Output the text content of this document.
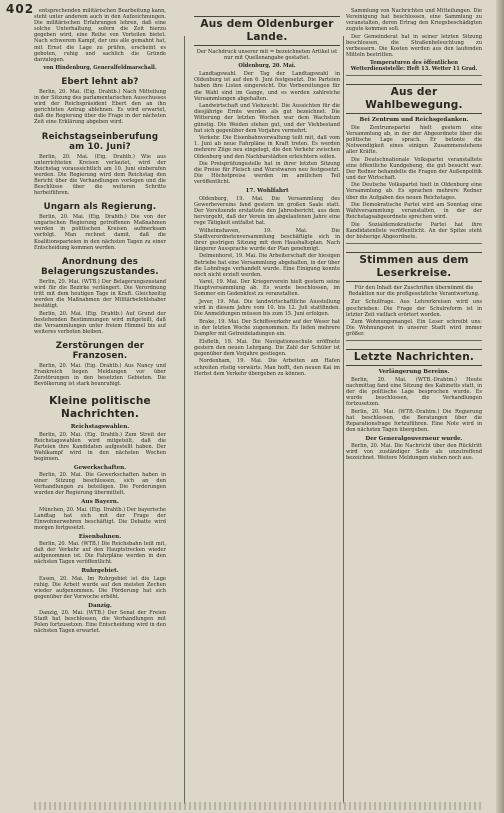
402 entsprechenden militärischen Bearbeitung kann, steht unter anderem auch in den Aufzeichnungen. Die militärischen Erfahrungen lehren, daß eine solche Unterhaltung, sofern die Zeit hierzu gegeben wird, eine Reihe von Vorteilen bietet. Nach schwerem Kampf, der uns alle gemahnt hat, mit Ernst die Lage zu prüfen, erscheint es geboten, ruhig und sachlich die Gründe darzulegen.

von Hindenburg, Generalfeldmarschall.

Ebert lehnt ab?

Berlin, 20. Mai. (Eig. Drahtb.) Nach Mitteilung in der Sitzung des parlamentarischen Ausschusses wird der Reichspräsident Ebert den an ihn gerichteten Antrag ablehnen. Es wird erwartet, daß die Regierung über die Frage in der nächsten Zeit eine Erklärung abgeben wird.

Reichstagseinberufung am 10. Juni?

Berlin, 20. Mai. (Eig. Drahtb.) Wie aus unterrichteten Kreisen verlautet, wird der Reichstag voraussichtlich am 10. Juni einberufen werden. Die Regierung wird dem Reichstag den Bericht über die Verhandlungen vorlegen und die Beschlüsse über die weiteren Schritte herbeiführen.

Ungarn als Regierung.

Berlin, 20. Mai. (Eig. Drahtb.) Die von der ungarischen Regierung getroffenen Maßnahmen werden in politischen Kreisen aufmerksam verfolgt. Man rechnet damit, daß die Koalitionsparteien in den nächsten Tagen zu einer Entscheidung kommen werden.

Anordnung des Belagerungszustandes.

Berlin, 20. Mai. (WTB.) Der Belagerungszustand wird für die Bezirke verlängert. Die Verordnung tritt mit dem heutigen Tage in Kraft. Gleichzeitig werden die Maßnahmen der Militärbefehlshaber bestätigt.

Berlin, 20. Mai. (Eig. Drahtb.) Auf Grund der bestehenden Bestimmungen wird mitgeteilt, daß die Versammlungen unter freiem Himmel bis auf weiteres verboten bleiben.

Zerstörungen der Franzosen.

Berlin, 20. Mai. (Eig. Drahtb.) Aus Nancy und Frankreich liegen Meldungen vor über Zerstörungen in den besetzten Gebieten. Die Bevölkerung ist stark beunruhigt.

Kleine politische Nachrichten.
Reichstagswahlen.

Berlin, 20. Mai. (Eig. Drahtb.) Zum Streit der Reichstagswahlen wird mitgeteilt, daß die Parteien ihre Kandidaten aufgestellt haben. Der Wahlkampf wird in den nächsten Wochen beginnen.

Gewerkschaften.

Berlin, 20. Mai. Die Gewerkschaften haben in einer Sitzung beschlossen, sich an den Verhandlungen zu beteiligen. Die Forderungen wurden der Regierung übermittelt.

Aus Bayern.

München, 20. Mai. (Eig. Drahtb.) Der bayerische Landtag hat sich mit der Frage der Einwohnerwehren beschäftigt. Die Debatte wird morgen fortgesetzt.

Eisenbahnen.

Berlin, 20. Mai. (WTB.) Die Reichsbahn teilt mit, daß der Verkehr auf den Hauptstrecken wieder aufgenommen ist. Die Fahrpläne werden in den nächsten Tagen veröffentlicht.

Ruhrgebiet.

Essen, 20. Mai. Im Ruhrgebiet ist die Lage ruhig. Die Arbeit wurde auf den meisten Zechen wieder aufgenommen. Die Förderung hat sich gegenüber der Vorwoche erhöht.

Danzig.

Danzig, 20. Mai. (WTB.) Der Senat der Freien Stadt hat beschlossen, die Verhandlungen mit Polen fortzusetzen. Eine Entscheidung wird in den nächsten Tagen erwartet.

Aus dem Oldenburger Lande.

Der Nachdruck unserer mit = bezeichneten Artikel ist nur mit Quellenangabe gestattet.

Oldenburg, 20. Mai.

Landtagswahl. Der Tag der Landtagswahl in Oldenburg ist auf den 6. Juni festgesetzt. Die Parteien haben ihre Listen eingereicht. Die Vorbereitungen für die Wahl sind im Gange, und es werden zahlreiche Versammlungen abgehalten.

Landwirtschaft und Viehzucht. Die Aussichten für die diesjährige Ernte werden als gut bezeichnet. Die Witterung der letzten Wochen war dem Wachstum günstig. Die Weiden stehen gut, und der Viehbestand hat sich gegenüber dem Vorjahre vermehrt.

Verkehr. Die Eisenbahnverwaltung teilt mit, daß vom 1. Juni ab neue Fahrpläne in Kraft treten. Es werden mehrere Züge neu eingelegt, die den Verkehr zwischen Oldenburg und den Nachbarstädten erleichtern sollen.

Die Preisprüfungsstelle hat in ihrer letzten Sitzung die Preise für Fleisch und Wurstwaren neu festgesetzt. Die Höchstpreise werden im amtlichen Teil veröffentlicht.

17. Wohlfahrt

Oldenburg, 19. Mai. Die Versammlung des Gewerbevereins fand gestern im großen Saale statt. Der Vorsitzende erstattete den Jahresbericht, aus dem hervorgeht, daß der Verein im abgelaufenen Jahre eine rege Tätigkeit entfaltet hat.

Wilhelmshaven, 19. Mai. Die Stadtverordnetenversammlung beschäftigte sich in ihrer gestrigen Sitzung mit dem Haushaltsplan. Nach längerer Aussprache wurde der Plan genehmigt.

Delmenhorst, 19. Mai. Die Arbeiterschaft der hiesigen Betriebe hat eine Versammlung abgehalten, in der über die Lohnfrage verhandelt wurde. Eine Einigung konnte noch nicht erzielt werden.

Varel, 19. Mai. Der Kriegerverein hielt gestern seine Hauptversammlung ab. Es wurde beschlossen, im Sommer ein Gedenkfest zu veranstalten.

Jever, 19. Mai. Die landwirtschaftliche Ausstellung wird in diesem Jahre vom 10. bis 12. Juli stattfinden. Die Anmeldungen müssen bis zum 15. Juni erfolgen.

Brake, 19. Mai. Der Schiffsverkehr auf der Weser hat in der letzten Woche zugenommen. Es liefen mehrere Dampfer mit Getreideladungen ein.

Elsfleth, 19. Mai. Die Navigationsschule eröffnete gestern den neuen Lehrgang. Die Zahl der Schüler ist gegenüber dem Vorjahre gestiegen.

Nordenham, 19. Mai. Die Arbeiten am Hafen schreiten rüstig vorwärts. Man hofft, den neuen Kai im Herbst dem Verkehr übergeben zu können.

Sammlung von Nachrichten und Mitteilungen. Die Vereinigung hat beschlossen, eine Sammlung zu veranstalten, deren Ertrag den Kriegsbeschädigten zugute kommen soll.

Der Gemeinderat hat in seiner letzten Sitzung beschlossen, die Straßenbeleuchtung zu verbessern. Die Kosten werden aus den laufenden Mitteln bestritten.

Temperaturen des öffentlichen Wetterdienststelle: Heft 13. Wetter 11 Grad.

Aus der Wahlbewegung.
Bei Zentrum und Reichsgedanken.

Die Zentrumspartei hielt gestern eine Versammlung ab, in der der Abgeordnete über die politische Lage sprach. Er betonte die Notwendigkeit eines einigen Zusammenstehens aller Kräfte.

Die Deutschnationale Volkspartei veranstaltete eine öffentliche Kundgebung, die gut besucht war. Der Redner behandelte die Fragen der Außenpolitik und der Wirtschaft.

Die Deutsche Volkspartei hielt in Oldenburg eine Versammlung ab. Es sprachen mehrere Redner über die Aufgaben des neuen Reichstages.

Die Demokratische Partei wird am Sonntag eine Wahlversammlung veranstalten, in der der Reichstagsabgeordnete sprechen wird.

Die Sozialdemokratische Partei hat ihre Kandidatenliste veröffentlicht. An der Spitze steht der bisherige Abgeordnete.

Stimmen aus dem Leserkreise.

Für den Inhalt der Zuschriften übernimmt die Redaktion nur die preßgesetzliche Verantwortung.

Zur Schulfrage. Aus Lehrerkreisen wird uns geschrieben: Die Frage der Schulreform ist in letzter Zeit vielfach erörtert worden.

Zum Wohnungsmangel. Ein Leser schreibt uns: Die Wohnungsnot in unserer Stadt wird immer größer.

Letzte Nachrichten.
Verlängerung Bereins.

Berlin, 20. Mai. (WTB.-Drahtm.) Heute nachmittag fand eine Sitzung des Kabinetts statt, in der die politische Lage besprochen wurde. Es wurde beschlossen, die Verhandlungen fortzusetzen.

Berlin, 20. Mai. (WTB.-Drahtm.) Die Regierung hat beschlossen, die Beratungen über die Reparationsfrage fortzuführen. Eine Note wird in den nächsten Tagen übergeben.

Der Generalgouverneur wurde.

Berlin, 20. Mai. Die Nachricht über den Rücktritt wird von zuständiger Seite als unzutreffend bezeichnet. Weitere Meldungen stehen noch aus.
